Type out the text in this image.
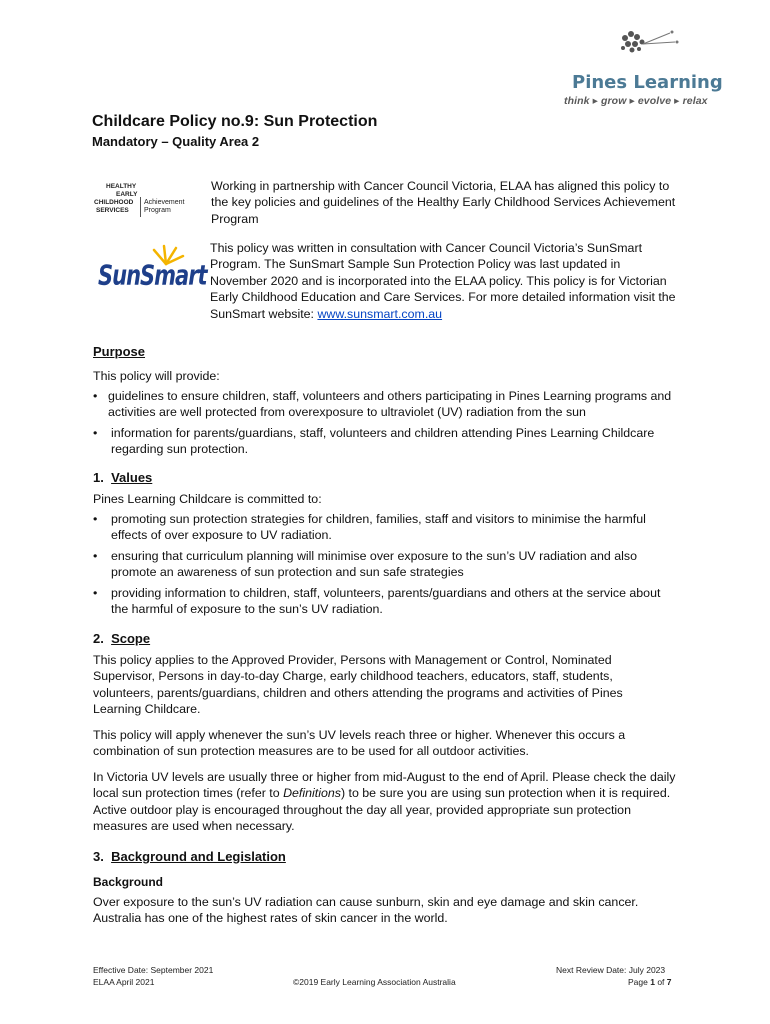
Pines Learning
think ▸ grow ▸ evolve ▸ relax
Childcare Policy no.9: Sun Protection
Mandatory – Quality Area 2
HEALTHY
EARLY
CHILDHOOD
SERVICES
Achievement
Program
Working in partnership with Cancer Council Victoria, ELAA has aligned this policy to the key policies and guidelines of the Healthy Early Childhood Services Achievement Program
SunSmart
This policy was written in consultation with Cancer Council Victoria’s SunSmart Program. The SunSmart Sample Sun Protection Policy was last updated in November 2020 and is incorporated into the ELAA policy. This policy is for Victorian Early Childhood Education and Care Services. For more detailed information visit the SunSmart website: www.sunsmart.com.au
Purpose
This policy will provide:
• guidelines to ensure children, staff, volunteers and others participating in Pines Learning programs and activities are well protected from overexposure to ultraviolet (UV) radiation from the sun
• information for parents/guardians, staff, volunteers and children attending Pines Learning Childcare regarding sun protection.
1. Values
Pines Learning Childcare is committed to:
• promoting sun protection strategies for children, families, staff and visitors to minimise the harmful effects of over exposure to UV radiation.
• ensuring that curriculum planning will minimise over exposure to the sun’s UV radiation and also promote an awareness of sun protection and sun safe strategies
• providing information to children, staff, volunteers, parents/guardians and others at the service about the harmful of exposure to the sun’s UV radiation.
2. Scope
This policy applies to the Approved Provider, Persons with Management or Control, Nominated Supervisor, Persons in day-to-day Charge, early childhood teachers, educators, staff, students, volunteers, parents/guardians, children and others attending the programs and activities of Pines Learning Childcare.
This policy will apply whenever the sun’s UV levels reach three or higher. Whenever this occurs a combination of sun protection measures are to be used for all outdoor activities.
In Victoria UV levels are usually three or higher from mid-August to the end of April. Please check the daily local sun protection times (refer to Definitions) to be sure you are using sun protection when it is required. Active outdoor play is encouraged throughout the day all year, provided appropriate sun protection measures are used when necessary.
3. Background and Legislation
Background
Over exposure to the sun’s UV radiation can cause sunburn, skin and eye damage and skin cancer. Australia has one of the highest rates of skin cancer in the world.
Effective Date: September 2021
ELAA April 2021	©2019 Early Learning Association Australia
Next Review Date: July 2023
Page 1 of 7
